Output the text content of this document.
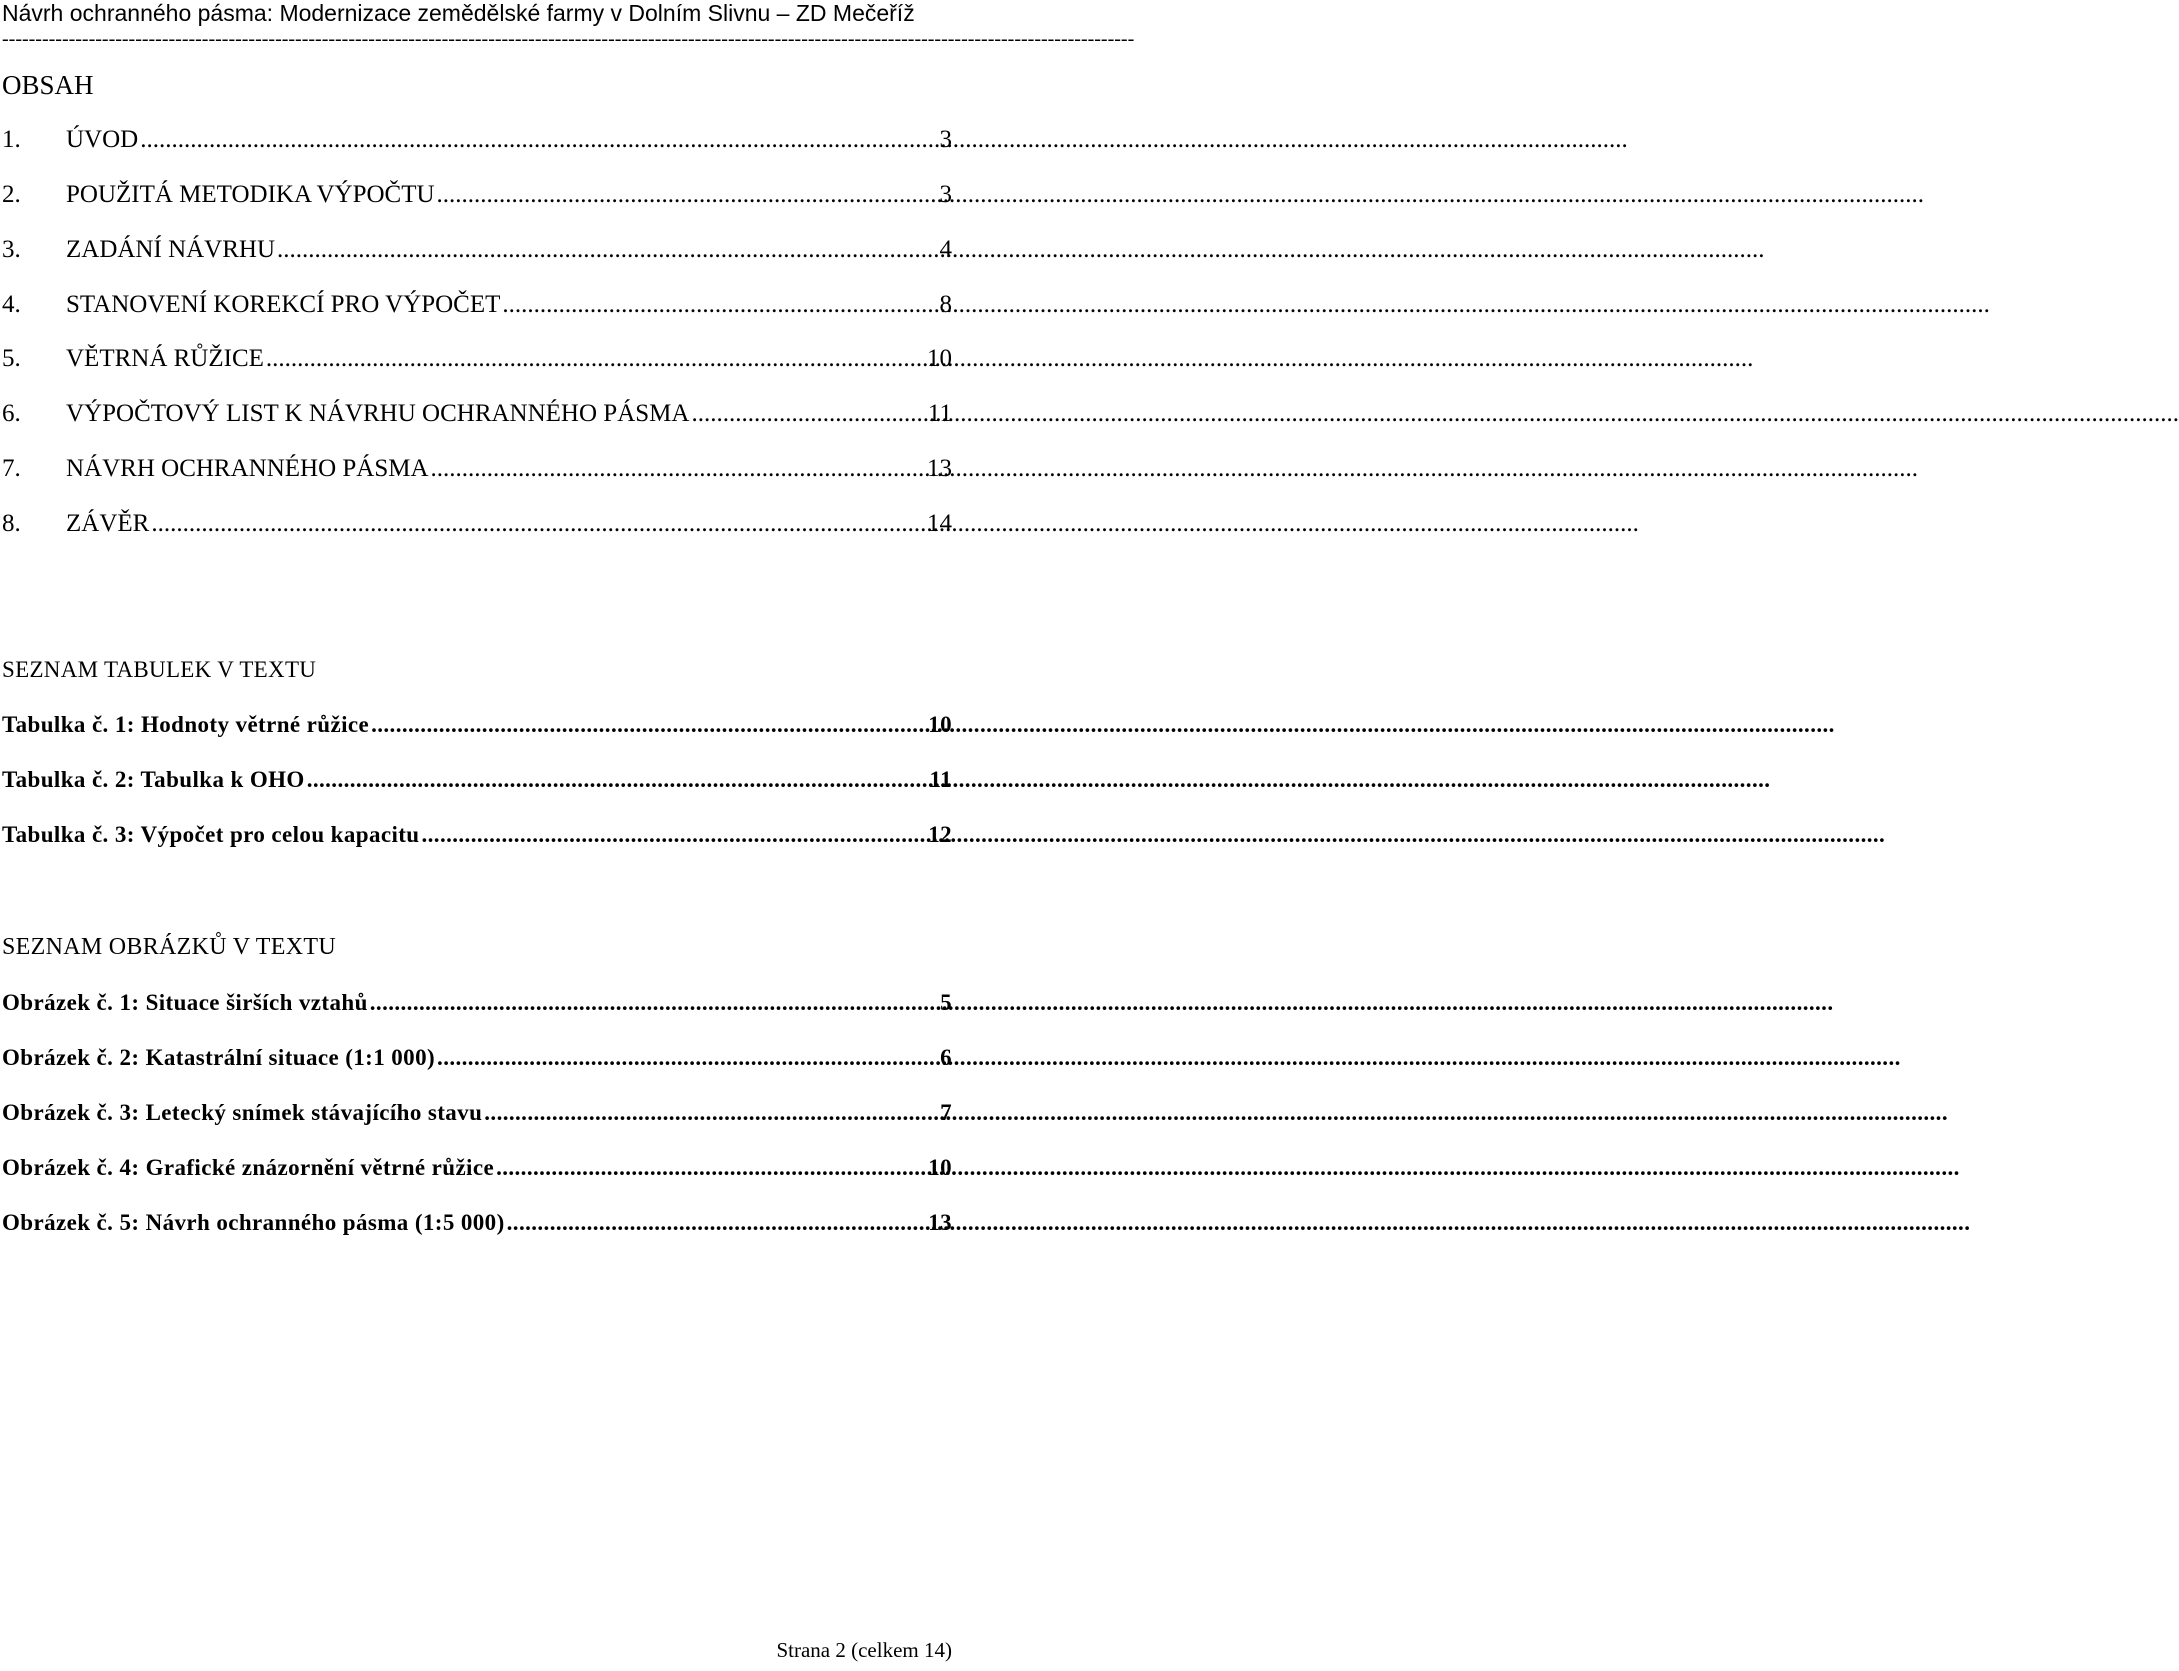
Návrh ochranného pásma: Modernizace zemědělské farmy v Dolním Slivnu – ZD Mečeříž
--------------------------------------------------------------------------------------------------------------------------------------------------------------------------
OBSAH
1.	ÚVOD .....	3
2.	POUŽITÁ METODIKA VÝPOČTU .....	3
3.	ZADÁNÍ NÁVRHU .....	4
4.	STANOVENÍ KOREKCÍ PRO VÝPOČET .....	8
5.	VĚTRNÁ RŮŽICE .....	10
6.	VÝPOČTOVÝ LIST K NÁVRHU OCHRANNÉHO PÁSMA .....	11
7.	NÁVRH OCHRANNÉHO PÁSMA .....	13
8.	ZÁVĚR .....	14
SEZNAM TABULEK V TEXTU
Tabulka č. 1: Hodnoty větrné růžice .....	10
Tabulka č. 2: Tabulka k OHO .....	11
Tabulka č. 3: Výpočet pro celou kapacitu .....	12
SEZNAM OBRÁZKŮ V TEXTU
Obrázek č. 1: Situace širších vztahů .....	5
Obrázek č. 2: Katastrální situace (1:1 000) .....	6
Obrázek č. 3: Letecký snímek stávajícího stavu .....	7
Obrázek č. 4: Grafické znázornění větrné růžice .....	10
Obrázek č. 5: Návrh ochranného pásma (1:5 000) .....	13
Strana 2 (celkem 14)
